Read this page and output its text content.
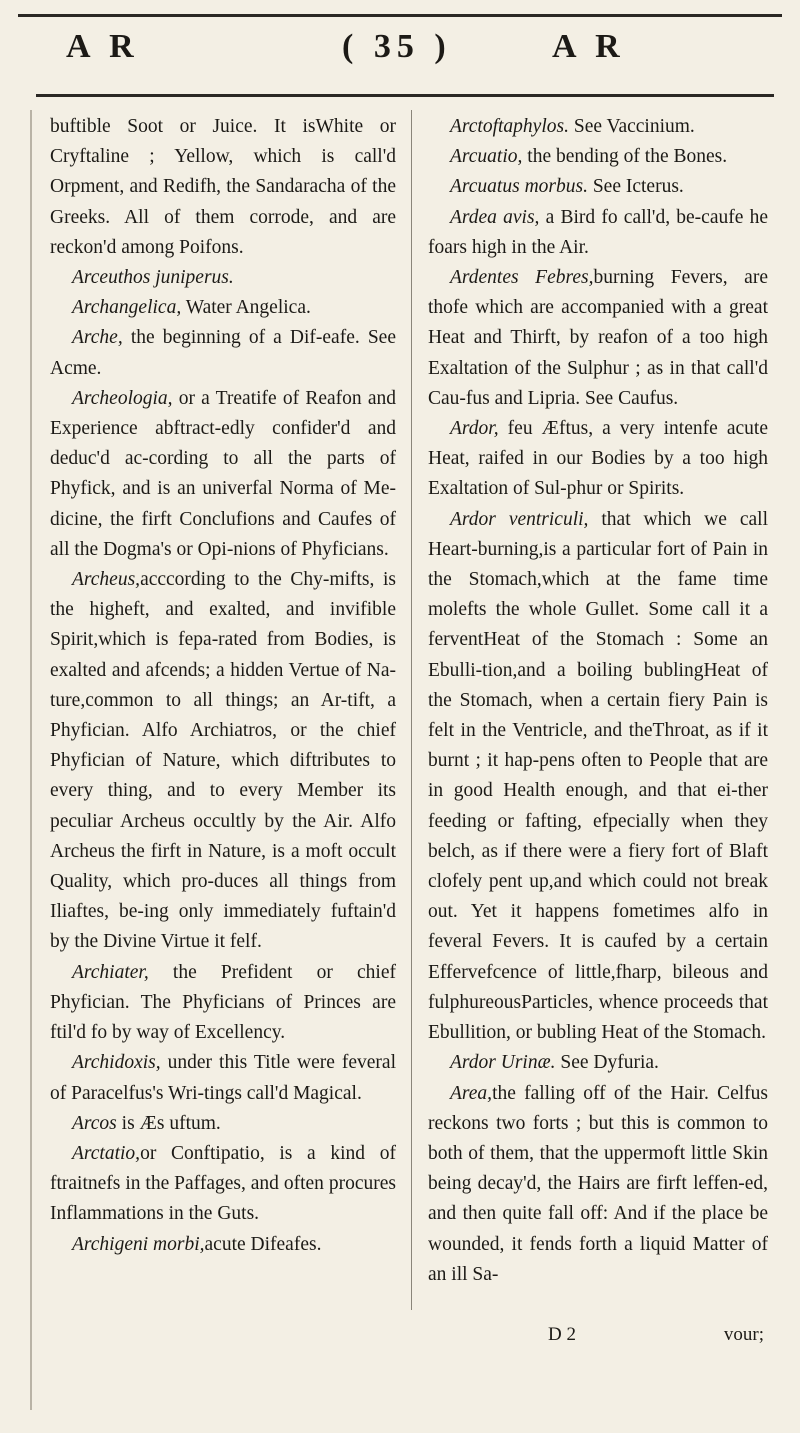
A R	( 35 )	A R

buftible Soot or Juice. It isWhite or Cryftaline ; Yellow, which is call'd Orpment, and Redifh, the Sandaracha of the Greeks. All of them corrode, and are reckon'd among Poifons.

Arceuthos juniperus.

Archangelica, Water Angelica.

Arche, the beginning of a Dif-eafe. See Acme.

Archeologia, or a Treatife of Reafon and Experience abftract-edly confider'd and deduc'd ac-cording to all the parts of Phyfick, and is an univerfal Norma of Me-dicine, the firft Conclufions and Caufes of all the Dogma's or Opi-nions of Phyficians.

Archeus,acccording to the Chy-mifts, is the higheft, and exalted, and invifible Spirit,which is fepa-rated from Bodies, is exalted and afcends; a hidden Vertue of Na-ture,common to all things; an Ar-tift, a Phyfician. Alfo Archiatros, or the chief Phyfician of Nature, which diftributes to every thing, and to every Member its peculiar Archeus occultly by the Air. Alfo Archeus the firft in Nature, is a moft occult Quality, which pro-duces all things from Iliaftes, be-ing only immediately fuftain'd by the Divine Virtue it felf.

Archiater, the Prefident or chief Phyfician. The Phyficians of Princes are ftil'd fo by way of Excellency.

Archidoxis, under this Title were feveral of Paracelfus's Wri-tings call'd Magical.

Arcos is Æs uftum.

Arctatio,or Conftipatio, is a kind of ftraitnefs in the Paffages, and often procures Inflammations in the Guts.

Archigeni morbi,acute Difeafes.

Arctoftaphylos. See Vaccinium.

Arcuatio, the bending of the Bones.

Arcuatus morbus. See Icterus.

Ardea avis, a Bird fo call'd, be-caufe he foars high in the Air.

Ardentes Febres,burning Fevers, are thofe which are accompanied with a great Heat and Thirft, by reafon of a too high Exaltation of the Sulphur ; as in that call'd Cau-fus and Lipria. See Caufus.

Ardor, feu Æftus, a very intenfe acute Heat, raifed in our Bodies by a too high Exaltation of Sul-phur or Spirits.

Ardor ventriculi, that which we call Heart-burning,is a particular fort of Pain in the Stomach,which at the fame time molefts the whole Gullet. Some call it a ferventHeat of the Stomach : Some an Ebulli-tion,and a boiling bublingHeat of the Stomach, when a certain fiery Pain is felt in the Ventricle, and theThroat, as if it burnt ; it hap-pens often to People that are in good Health enough, and that ei-ther feeding or fafting, efpecially when they belch, as if there were a fiery fort of Blaft clofely pent up,and which could not break out. Yet it happens fometimes alfo in feveral Fevers. It is caufed by a certain Effervefcence of little,fharp, bileous and fulphureousParticles, whence proceeds that Ebullition, or bubling Heat of the Stomach.

Ardor Urinæ. See Dyfuria.

Area,the falling off of the Hair. Celfus reckons two forts ; but this is common to both of them, that the uppermoft little Skin being decay'd, the Hairs are firft leffen-ed, and then quite fall off: And if the place be wounded, it fends forth a liquid Matter of an ill Sa-

D 2	vour;
